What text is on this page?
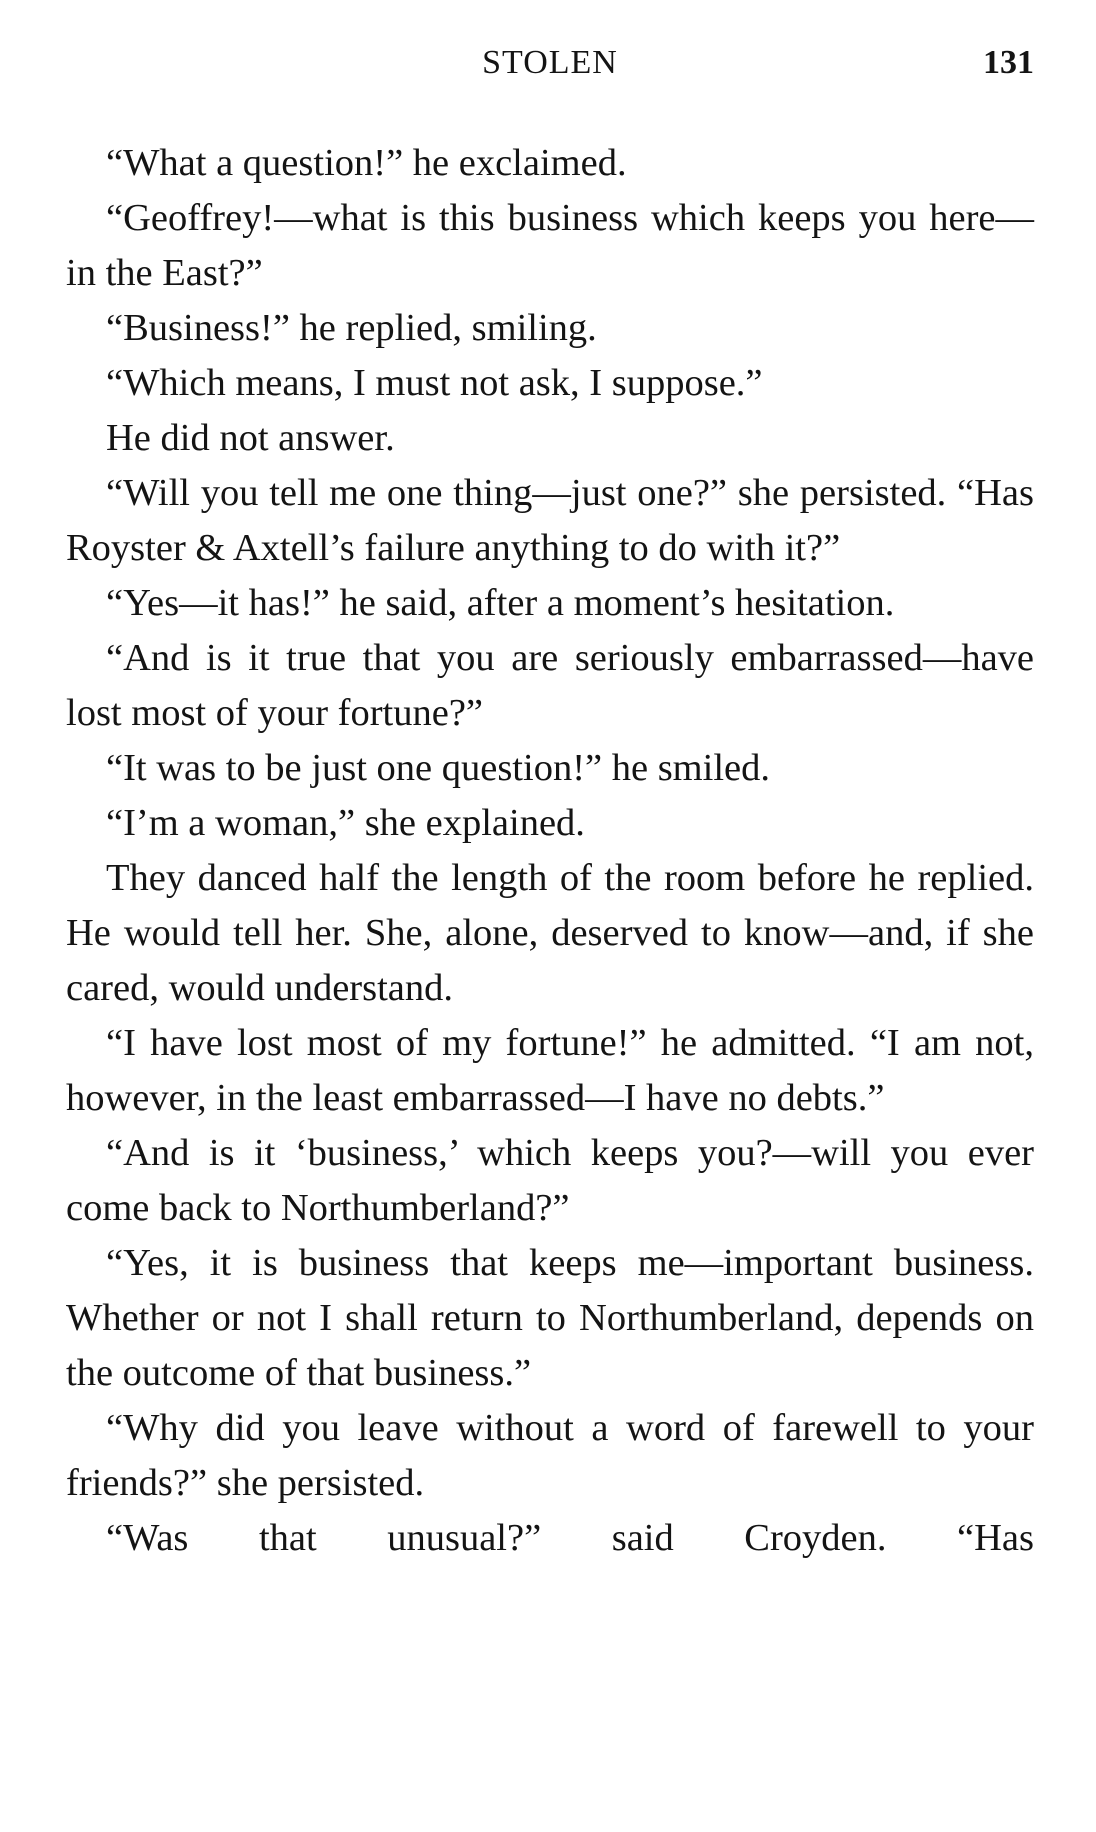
STOLEN	131

“What a question!” he exclaimed.

“Geoffrey!—what is this business which keeps you here—in the East?”

“Business!” he replied, smiling.

“Which means, I must not ask, I suppose.”

He did not answer.

“Will you tell me one thing—just one?” she persisted. “Has Royster & Axtell’s failure anything to do with it?”

“Yes—it has!” he said, after a moment’s hesitation.

“And is it true that you are seriously embarrassed—have lost most of your fortune?”

“It was to be just one question!” he smiled.

“I’m a woman,” she explained.

They danced half the length of the room before he replied. He would tell her. She, alone, deserved to know—and, if she cared, would understand.

“I have lost most of my fortune!” he admitted. “I am not, however, in the least embarrassed—I have no debts.”

“And is it ‘business,’ which keeps you?—will you ever come back to Northumberland?”

“Yes, it is business that keeps me—important business. Whether or not I shall return to Northumberland, depends on the outcome of that business.”

“Why did you leave without a word of farewell to your friends?” she persisted.

“Was that unusual?” said Croyden. “Has
